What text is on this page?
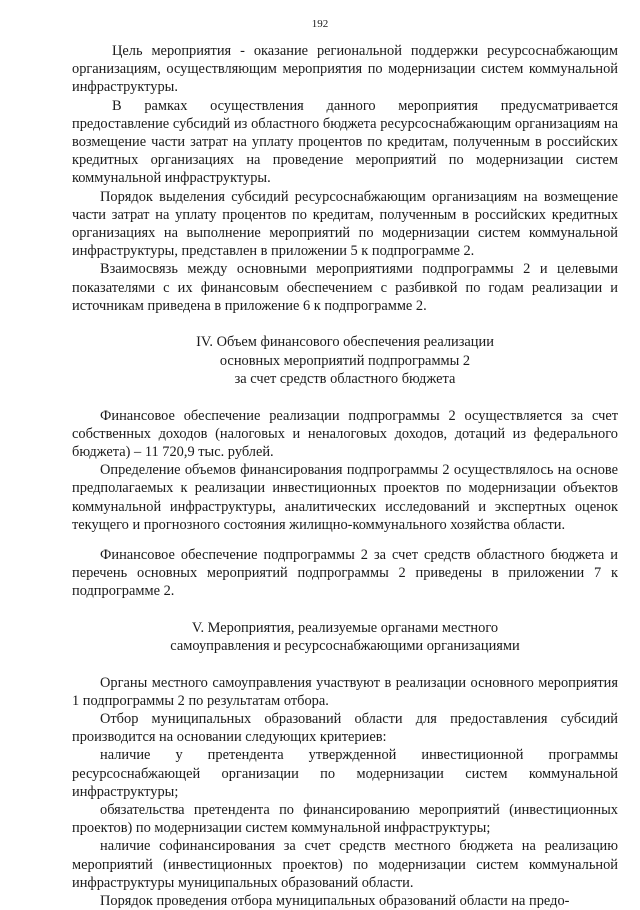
192

Цель мероприятия - оказание региональной поддержки ресурсоснабжающим организациям, осуществляющим мероприятия по модернизации систем коммунальной инфраструктуры.

В рамках осуществления данного мероприятия предусматривается предоставление субсидий из областного бюджета ресурсоснабжающим организациям на возмещение части затрат на уплату процентов по кредитам, полученным в российских кредитных организациях на проведение мероприятий по модернизации систем коммунальной инфраструктуры.

Порядок выделения субсидий ресурсоснабжающим организациям на возмещение части затрат на уплату процентов по кредитам, полученным в российских кредитных организациях на выполнение мероприятий по модернизации систем коммунальной инфраструктуры, представлен в приложении 5 к подпрограмме 2.

Взаимосвязь между основными мероприятиями подпрограммы 2 и целевыми показателями с их финансовым обеспечением с разбивкой по годам реализации и источникам приведена в приложение 6 к подпрограмме 2.

IV. Объем финансового обеспечения реализации

основных мероприятий подпрограммы 2

за счет средств областного бюджета

Финансовое обеспечение реализации подпрограммы 2 осуществляется за счет собственных доходов (налоговых и неналоговых доходов, дотаций из федерального бюджета) – 11 720,9 тыс. рублей.

Определение объемов финансирования подпрограммы 2 осуществлялось на основе предполагаемых к реализации инвестиционных проектов по модернизации объектов коммунальной инфраструктуры, аналитических исследований и экспертных оценок текущего и прогнозного состояния жилищно-коммунального хозяйства области.

Финансовое обеспечение подпрограммы 2 за счет средств областного бюджета и перечень основных мероприятий подпрограммы 2 приведены в приложении 7 к подпрограмме 2.

V. Мероприятия, реализуемые органами местного

самоуправления и ресурсоснабжающими организациями

Органы местного самоуправления участвуют в реализации основного мероприятия 1 подпрограммы 2 по результатам отбора.

Отбор муниципальных образований области для предоставления субсидий производится на основании следующих критериев:

наличие у претендента утвержденной инвестиционной программы ресурсоснабжающей организации по модернизации систем коммунальной инфраструктуры;

обязательства претендента по финансированию мероприятий (инвестиционных проектов) по модернизации систем коммунальной инфраструктуры;

наличие софинансирования за счет средств местного бюджета на реализацию мероприятий (инвестиционных проектов) по модернизации систем коммунальной инфраструктуры муниципальных образований области.

Порядок проведения отбора муниципальных образований области на предо-
